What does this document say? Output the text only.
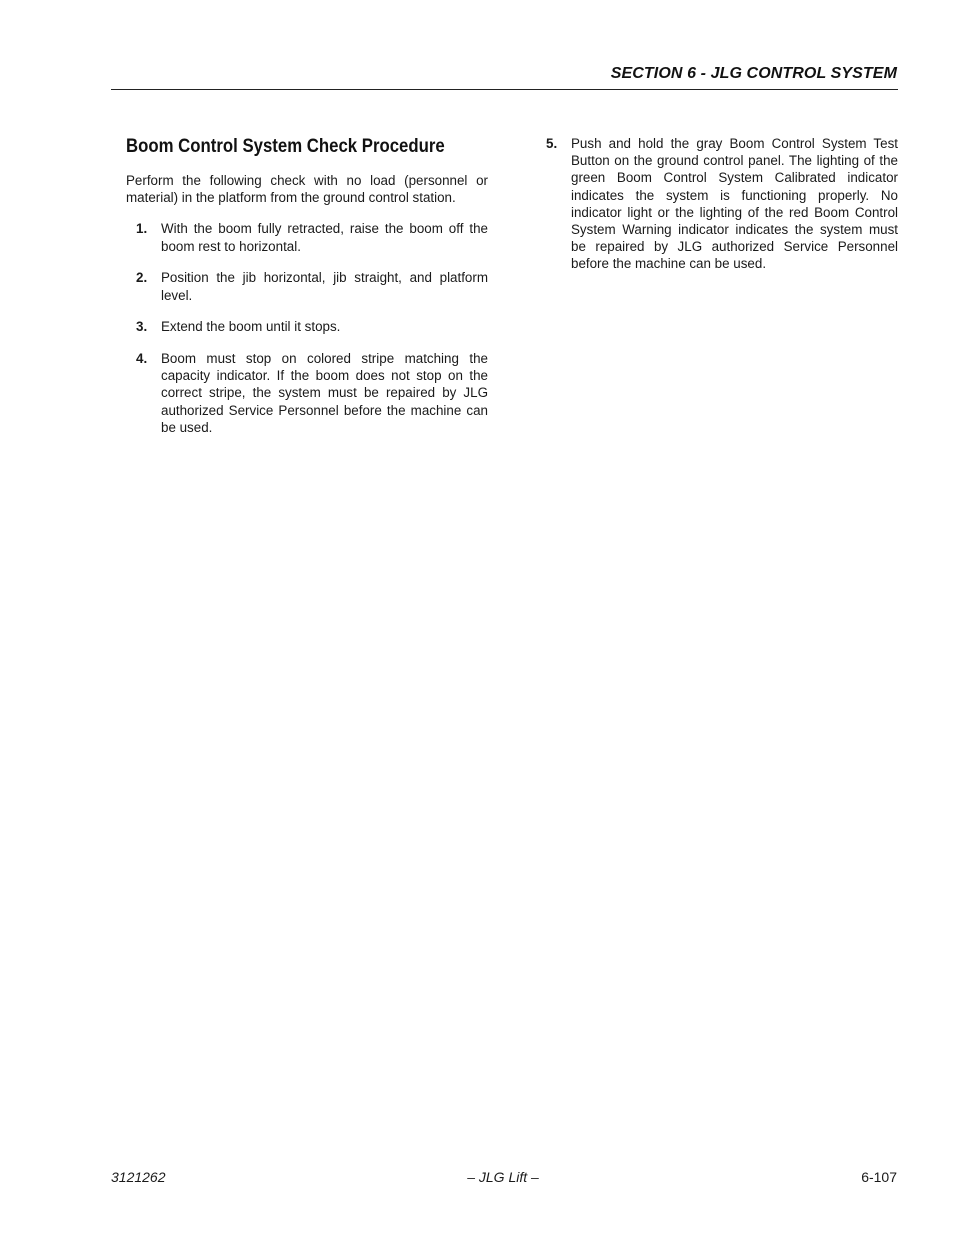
SECTION 6 - JLG CONTROL SYSTEM
Boom Control System Check Procedure

Perform the following check with no load (personnel or material) in the platform from the ground control station.

1. With the boom fully retracted, raise the boom off the boom rest to horizontal.
2. Position the jib horizontal, jib straight, and platform level.
3. Extend the boom until it stops.
4. Boom must stop on colored stripe matching the capacity indicator. If the boom does not stop on the correct stripe, the system must be repaired by JLG authorized Service Personnel before the machine can be used.
5. Push and hold the gray Boom Control System Test Button on the ground control panel. The lighting of the green Boom Control System Calibrated indicator indicates the system is functioning properly. No indicator light or the lighting of the red Boom Control System Warning indicator indicates the system must be repaired by JLG authorized Service Personnel before the machine can be used.
3121262	– JLG Lift –	6-107
